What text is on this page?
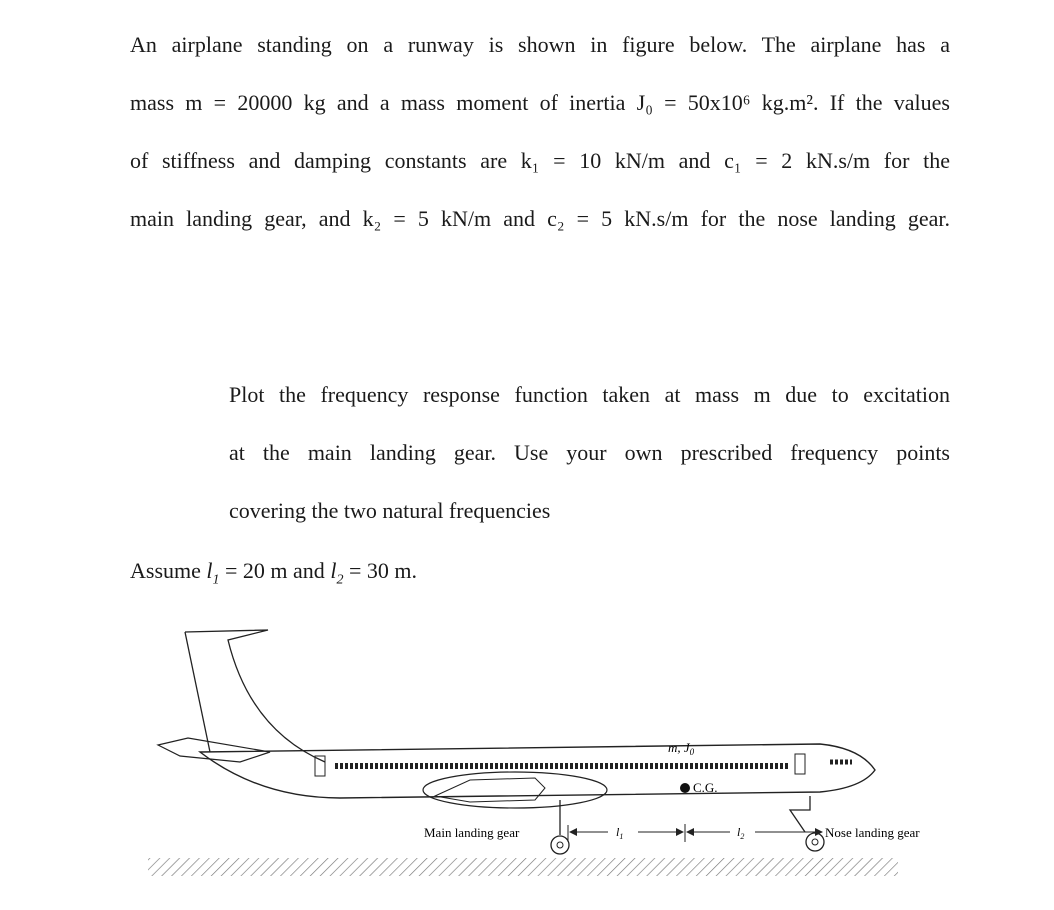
An airplane standing on a runway is shown in figure below. The airplane has a
mass m = 20000 kg and a mass moment of inertia J₀ = 50x10⁶ kg.m². If the values
of stiffness and damping constants are k₁ = 10 kN/m and c₁ = 2 kN.s/m for the
main landing gear, and k₂ = 5 kN/m and c₂ = 5 kN.s/m for the nose landing gear.
Plot the frequency response function taken at mass m due to excitation
at the main landing gear. Use your own prescribed frequency points
covering the two natural frequencies
Assume $l_1 = 20$ m and $l_2 = 30$ m.
C.G.
m, $J_0$
Main landing gear	Nose landing gear
$l_1$	$l_2$
